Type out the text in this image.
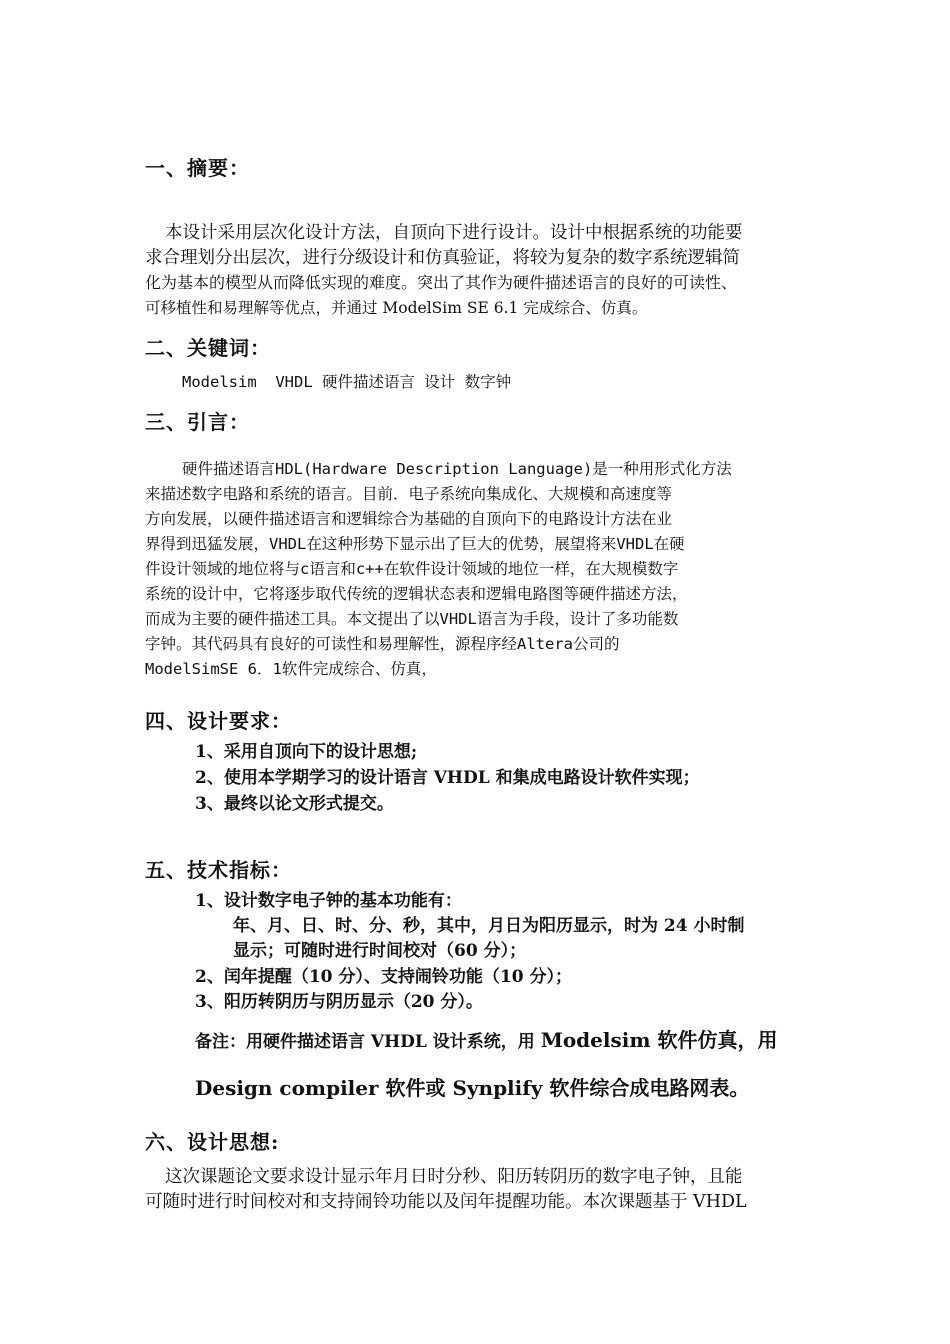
一、摘要：
本设计采用层次化设计方法，自顶向下进行设计。设计中根据系统的功能要
求合理划分出层次，进行分级设计和仿真验证，将较为复杂的数字系统逻辑简
化为基本的模型从而降低实现的难度。突出了其作为硬件描述语言的良好的可读性、
可移植性和易理解等优点，并通过 ModelSim SE 6.1 完成综合、仿真。
二、关键词：
Modelsim  VHDL 硬件描述语言 设计 数字钟
三、引言：
硬件描述语言HDL(Hardware Description Language)是一种用形式化方法
来描述数字电路和系统的语言。目前．电子系统向集成化、大规模和高速度等
方向发展，以硬件描述语言和逻辑综合为基础的自顶向下的电路设计方法在业
界得到迅猛发展，VHDL在这种形势下显示出了巨大的优势，展望将来VHDL在硬
件设计领域的地位将与c语言和c++在软件设计领域的地位一样，在大规模数字
系统的设计中，它将逐步取代传统的逻辑状态表和逻辑电路图等硬件描述方法，
而成为主要的硬件描述工具。本文提出了以VHDL语言为手段，设计了多功能数
字钟。其代码具有良好的可读性和易理解性，源程序经Altera公司的
ModelSimSE 6．1软件完成综合、仿真，
四、设计要求：
1、采用自顶向下的设计思想;
2、使用本学期学习的设计语言 VHDL 和集成电路设计软件实现；
3、最终以论文形式提交。
五、技术指标：
1、设计数字电子钟的基本功能有：
年、月、日、时、分、秒，其中，月日为阳历显示，时为 24 小时制
显示；可随时进行时间校对（60 分）；
2、闰年提醒（10 分）、支持闹铃功能（10 分）；
3、阳历转阴历与阴历显示（20 分）。
备注：用硬件描述语言 VHDL 设计系统，用 Modelsim 软件仿真，用
Design compiler 软件或 Synplify 软件综合成电路网表。
六、设计思想:
这次课题论文要求设计显示年月日时分秒、阳历转阴历的数字电子钟，且能
可随时进行时间校对和支持闹铃功能以及闰年提醒功能。本次课题基于 VHDL
